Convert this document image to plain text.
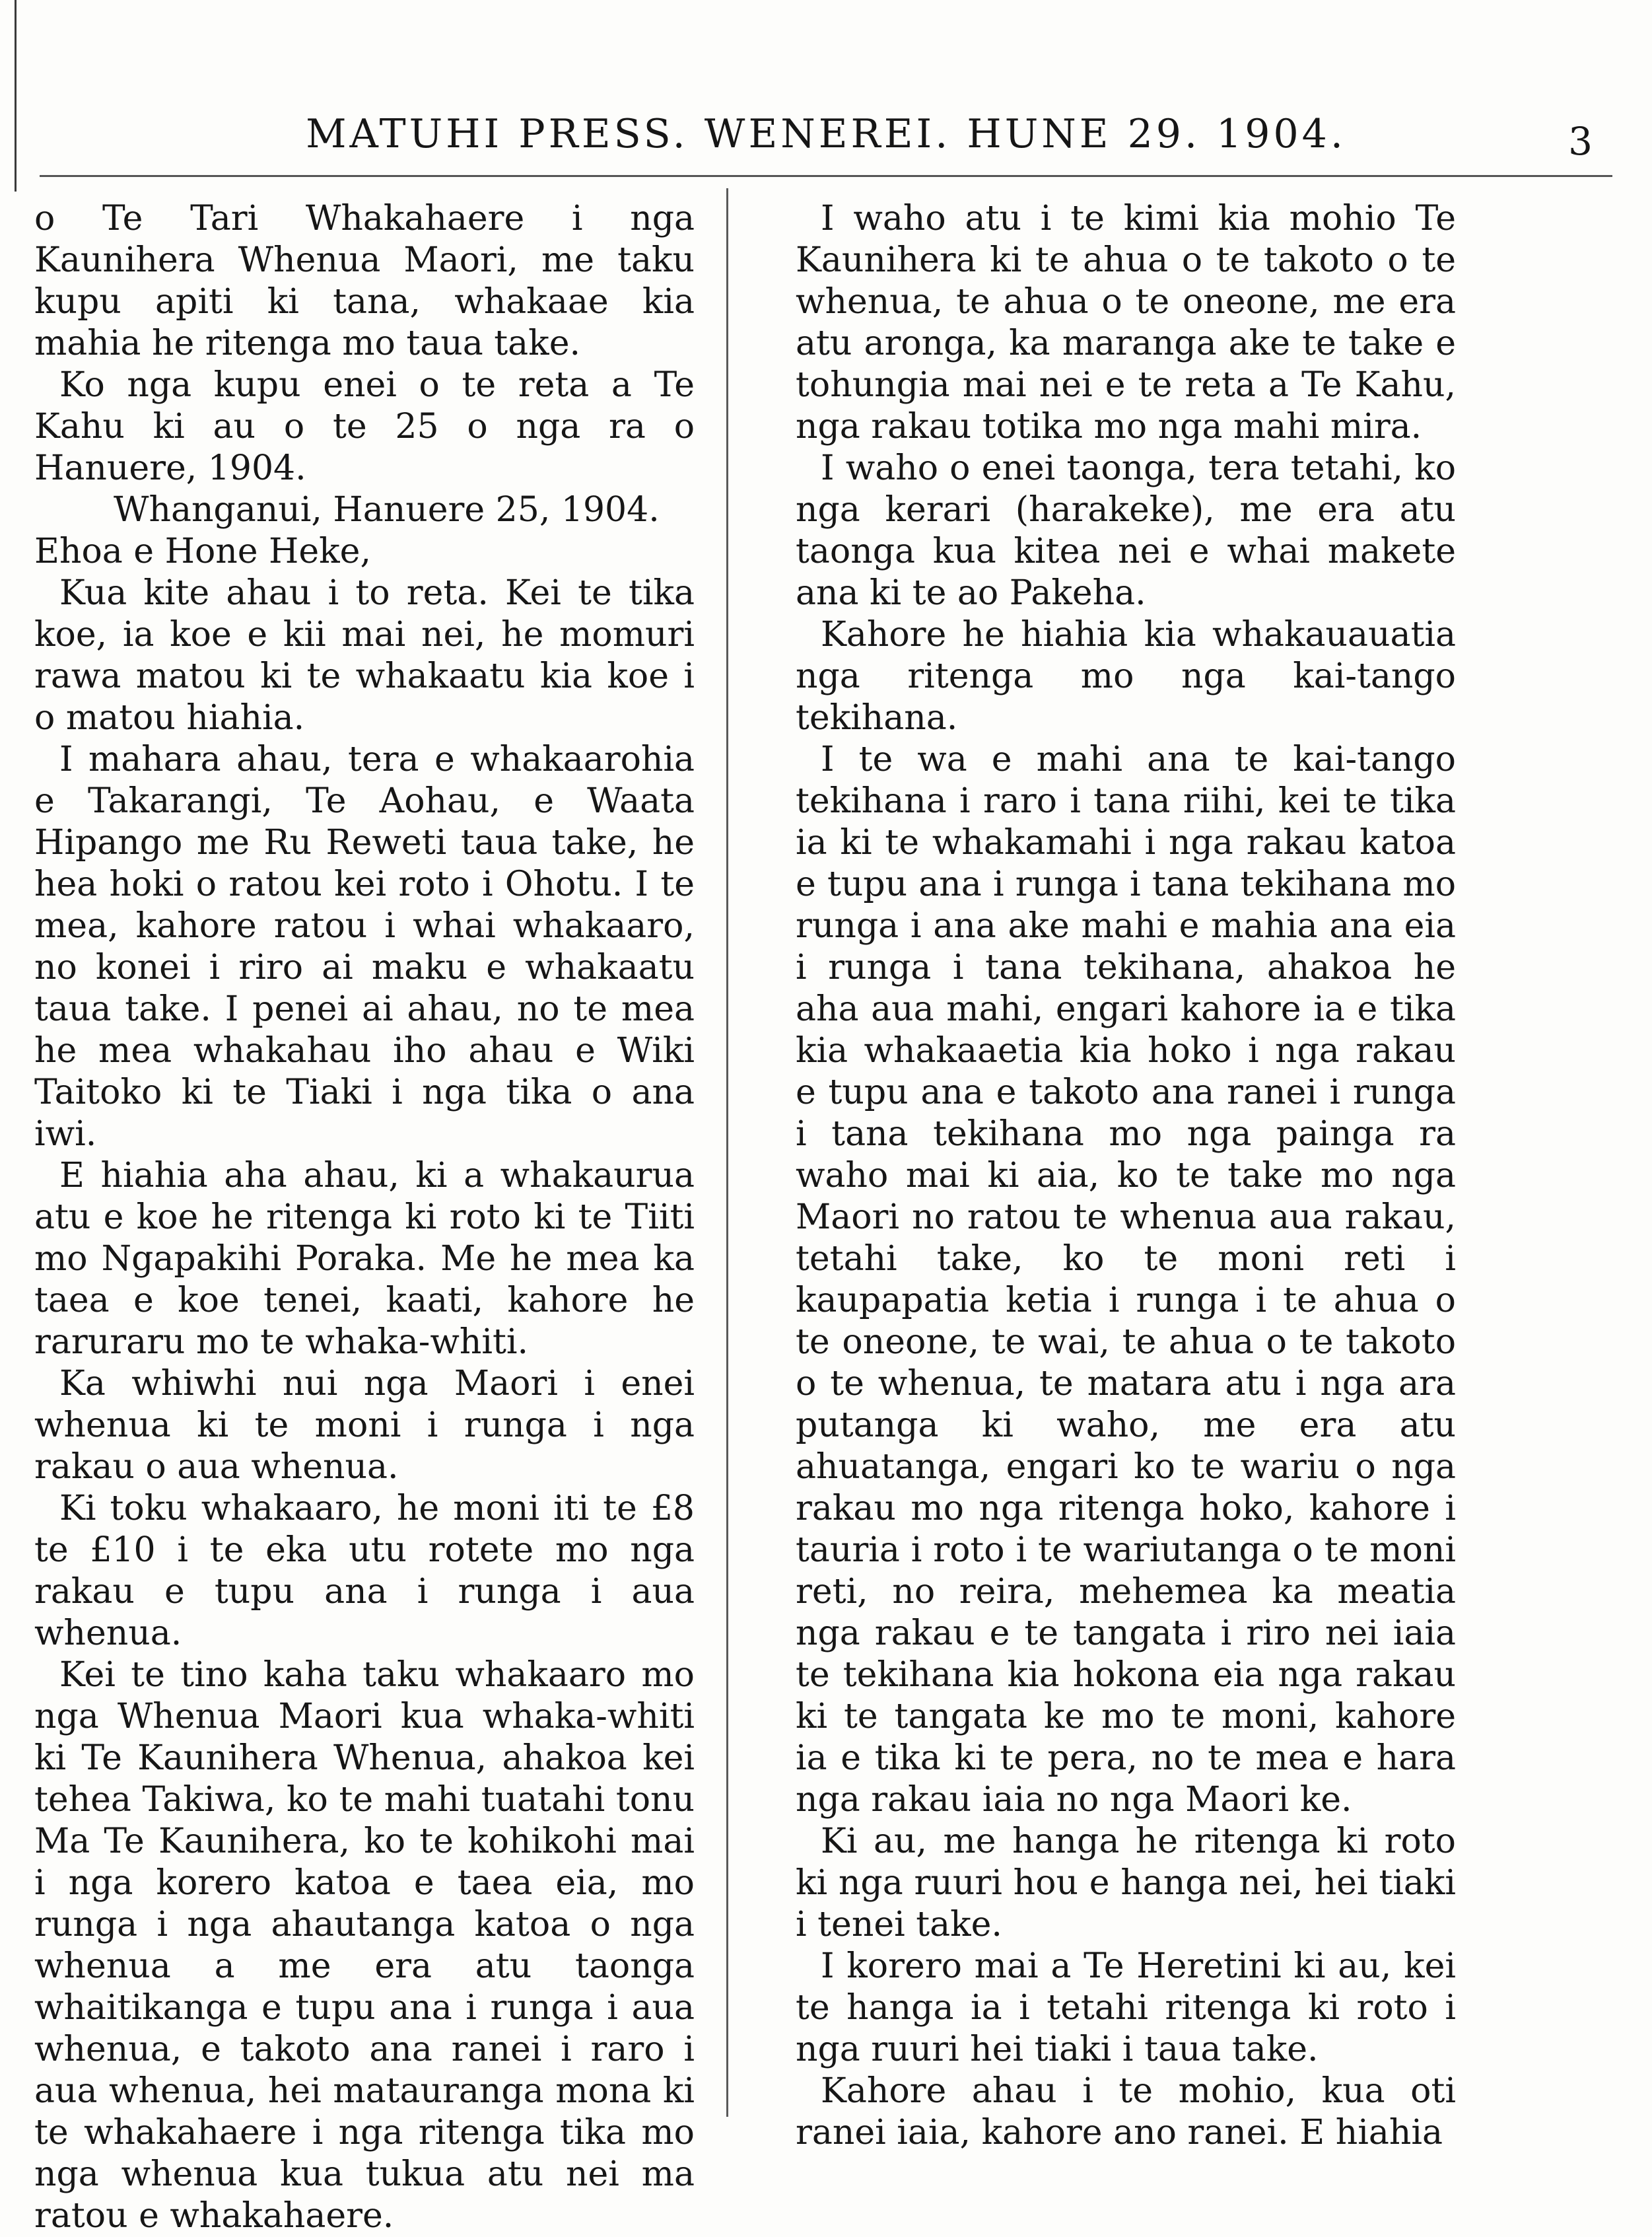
MATUHI PRESS. WENEREI. HUNE 29. 1904.	3

o Te Tari Whakahaere i nga Kaunihera Whenua Maori, me taku kupu apiti ki tana, whakaae kia mahia he ritenga mo taua take.

Ko nga kupu enei o te reta a Te Kahu ki au o te 25 o nga ra o Hanuere, 1904.

Whanganui, Hanuere 25, 1904.

Ehoa e Hone Heke,

Kua kite ahau i to reta. Kei te tika koe, ia koe e kii mai nei, he momuri rawa matou ki te whakaatu kia koe i o matou hiahia.

I mahara ahau, tera e whakaarohia e Takarangi, Te Aohau, e Waata Hipango me Ru Reweti taua take, he hea hoki o ratou kei roto i Ohotu. I te mea, kahore ratou i whai whakaaro, no konei i riro ai maku e whakaatu taua take. I penei ai ahau, no te mea he mea whakahau iho ahau e Wiki Taitoko ki te Tiaki i nga tika o ana iwi.

E hiahia aha ahau, ki a whakaurua atu e koe he ritenga ki roto ki te Tiiti mo Ngapakihi Poraka. Me he mea ka taea e koe tenei, kaati, kahore he raruraru mo te whaka-whiti.

Ka whiwhi nui nga Maori i enei whenua ki te moni i runga i nga rakau o aua whenua.

Ki toku whakaaro, he moni iti te £8 te £10 i te eka utu rotete mo nga rakau e tupu ana i runga i aua whenua.

Kei te tino kaha taku whakaaro mo nga Whenua Maori kua whaka-whiti ki Te Kaunihera Whenua, ahakoa kei tehea Takiwa, ko te mahi tuatahi tonu Ma Te Kaunihera, ko te kohikohi mai i nga korero katoa e taea eia, mo runga i nga ahautanga katoa o nga whenua a me era atu taonga whaitikanga e tupu ana i runga i aua whenua, e takoto ana ranei i raro i aua whenua, hei matauranga mona ki te whakahaere i nga ritenga tika mo nga whenua kua tukua atu nei ma ratou e whakahaere.

I waho atu i te kimi kia mohio Te Kaunihera ki te ahua o te takoto o te whenua, te ahua o te oneone, me era atu aronga, ka maranga ake te take e tohungia mai nei e te reta a Te Kahu, nga rakau totika mo nga mahi mira.

I waho o enei taonga, tera tetahi, ko nga kerari (harakeke), me era atu taonga kua kitea nei e whai makete ana ki te ao Pakeha.

Kahore he hiahia kia whakauauatia nga ritenga mo nga kai-tango tekihana.

I te wa e mahi ana te kai-tango tekihana i raro i tana riihi, kei te tika ia ki te whakamahi i nga rakau katoa e tupu ana i runga i tana tekihana mo runga i ana ake mahi e mahia ana eia i runga i tana tekihana, ahakoa he aha aua mahi, engari kahore ia e tika kia whakaaetia kia hoko i nga rakau e tupu ana e takoto ana ranei i runga i tana tekihana mo nga painga ra waho mai ki aia, ko te take mo nga Maori no ratou te whenua aua rakau, tetahi take, ko te moni reti i kaupapatia ketia i runga i te ahua o te oneone, te wai, te ahua o te takoto o te whenua, te matara atu i nga ara putanga ki waho, me era atu ahuatanga, engari ko te wariu o nga rakau mo nga ritenga hoko, kahore i tauria i roto i te wariutanga o te moni reti, no reira, mehemea ka meatia nga rakau e te tangata i riro nei iaia te tekihana kia hokona eia nga rakau ki te tangata ke mo te moni, kahore ia e tika ki te pera, no te mea e hara nga rakau iaia no nga Maori ke.

Ki au, me hanga he ritenga ki roto ki nga ruuri hou e hanga nei, hei tiaki i tenei take.

I korero mai a Te Heretini ki au, kei te hanga ia i tetahi ritenga ki roto i nga ruuri hei tiaki i taua take.

Kahore ahau i te mohio, kua oti ranei iaia, kahore ano ranei. E hiahia
